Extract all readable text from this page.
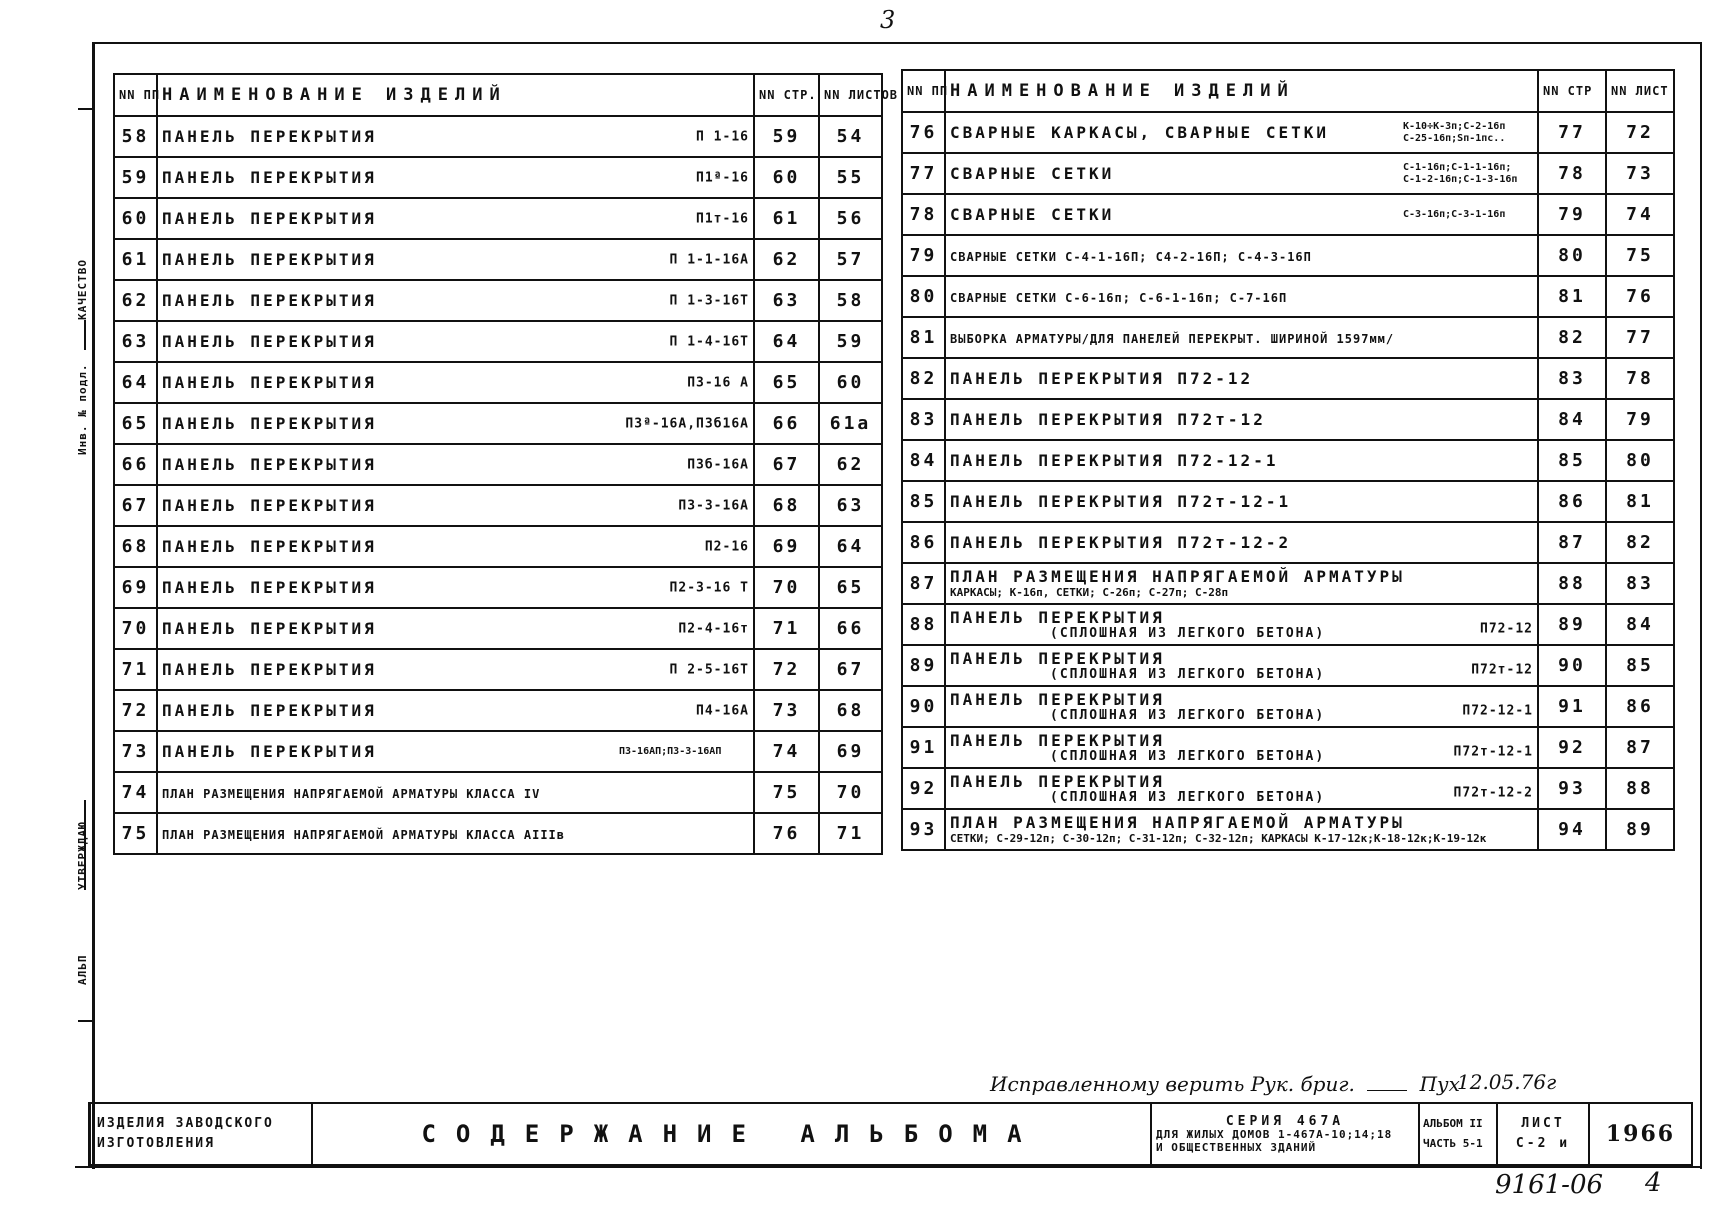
3
КАЧЕСТВО
Инв. № подл.
УТВЕРЖДАЮ
АЛЬП
NN ПП	НАИМЕНОВАНИЕ ИЗДЕЛИЙ	NN СТР.	NN ЛИСТОВ
58	ПАНЕЛЬ ПЕРЕКРЫТИЯ П 1-16	59	54
59	ПАНЕЛЬ ПЕРЕКРЫТИЯ П1ª-16	60	55
60	ПАНЕЛЬ ПЕРЕКРЫТИЯ П1т-16	61	56
61	ПАНЕЛЬ ПЕРЕКРЫТИЯ П 1-1-16А	62	57
62	ПАНЕЛЬ ПЕРЕКРЫТИЯ П 1-3-16Т	63	58
63	ПАНЕЛЬ ПЕРЕКРЫТИЯ П 1-4-16Т	64	59
64	ПАНЕЛЬ ПЕРЕКРЫТИЯ П3-16 А	65	60
65	ПАНЕЛЬ ПЕРЕКРЫТИЯ П3ª-16А,П3б16А	66	61а
66	ПАНЕЛЬ ПЕРЕКРЫТИЯ П3б-16А	67	62
67	ПАНЕЛЬ ПЕРЕКРЫТИЯ П3-3-16А	68	63
68	ПАНЕЛЬ ПЕРЕКРЫТИЯ П2-16	69	64
69	ПАНЕЛЬ ПЕРЕКРЫТИЯ П2-3-16 Т	70	65
70	ПАНЕЛЬ ПЕРЕКРЫТИЯ П2-4-16т	71	66
71	ПАНЕЛЬ ПЕРЕКРЫТИЯ П 2-5-16Т	72	67
72	ПАНЕЛЬ ПЕРЕКРЫТИЯ П4-16А	73	68
73	ПАНЕЛЬ ПЕРЕКРЫТИЯ П3-16АП;П3-3-16АП	74	69
74	ПЛАН РАЗМЕЩЕНИЯ НАПРЯГАЕМОЙ АРМАТУРЫ КЛАССА IV	75	70
75	ПЛАН РАЗМЕЩЕНИЯ НАПРЯГАЕМОЙ АРМАТУРЫ КЛАССА АIIIв	76	71
NN ПП	НАИМЕНОВАНИЕ ИЗДЕЛИЙ	NN СТР	NN ЛИСТ
76	СВАРНЫЕ КАРКАСЫ, СВАРНЫЕ СЕТКИ К-10÷К-3п;С-2-16п С-25-16п;Sп-1пс..	77	72
77	СВАРНЫЕ СЕТКИ С-1-16п;С-1-1-16п; С-1-2-16п;С-1-3-16п	78	73
78	СВАРНЫЕ СЕТКИ С-3-16п;С-3-1-16п	79	74
79	СВАРНЫЕ СЕТКИ С-4-1-16П; С4-2-16П; С-4-3-16П	80	75
80	СВАРНЫЕ СЕТКИ С-6-16п; С-6-1-16п; С-7-16П	81	76
81	ВЫБОРКА АРМАТУРЫ/ДЛЯ ПАНЕЛЕЙ ПЕРЕКРЫТ. ШИРИНОЙ 1597мм/	82	77
82	ПАНЕЛЬ ПЕРЕКРЫТИЯ П72-12	83	78
83	ПАНЕЛЬ ПЕРЕКРЫТИЯ П72т-12	84	79
84	ПАНЕЛЬ ПЕРЕКРЫТИЯ П72-12-1	85	80
85	ПАНЕЛЬ ПЕРЕКРЫТИЯ П72т-12-1	86	81
86	ПАНЕЛЬ ПЕРЕКРЫТИЯ П72т-12-2	87	82
87	ПЛАН РАЗМЕЩЕНИЯ НАПРЯГАЕМОЙ АРМАТУРЫ
КАРКАСЫ; К-16п, СЕТКИ; С-26п; С-27п; С-28п	88	83
88	ПАНЕЛЬ ПЕРЕКРЫТИЯ
(СПЛОШНАЯ ИЗ ЛЕГКОГО БЕТОНА) П72-12	89	84
89	ПАНЕЛЬ ПЕРЕКРЫТИЯ
(СПЛОШНАЯ ИЗ ЛЕГКОГО БЕТОНА) П72т-12	90	85
90	ПАНЕЛЬ ПЕРЕКРЫТИЯ
(СПЛОШНАЯ ИЗ ЛЕГКОГО БЕТОНА) П72-12-1	91	86
91	ПАНЕЛЬ ПЕРЕКРЫТИЯ
(СПЛОШНАЯ ИЗ ЛЕГКОГО БЕТОНА) П72т-12-1	92	87
92	ПАНЕЛЬ ПЕРЕКРЫТИЯ
(СПЛОШНАЯ ИЗ ЛЕГКОГО БЕТОНА) П72т-12-2	93	88
93	ПЛАН РАЗМЕЩЕНИЯ НАПРЯГАЕМОЙ АРМАТУРЫ
СЕТКИ; С-29-12п; С-30-12п; С-31-12п; С-32-12п; КАРКАСЫ К-17-12к;К-18-12к;К-19-12к	94	89
Исправленному верить Рук. бриг.	Пух
12.05.76г
ИЗДЕЛИЯ ЗАВОДСКОГО ИЗГОТОВЛЕНИЯ	СОДЕРЖАНИЕ АЛЬБОМА	СЕРИЯ 467А
ДЛЯ ЖИЛЫХ ДОМОВ 1-467А-10;14;18
И ОБЩЕСТВЕННЫХ ЗДАНИЙ
АЛЬБОМ II
ЧАСТЬ 5-1
ЛИСТ
С-2 и	1966
9161-06 4
